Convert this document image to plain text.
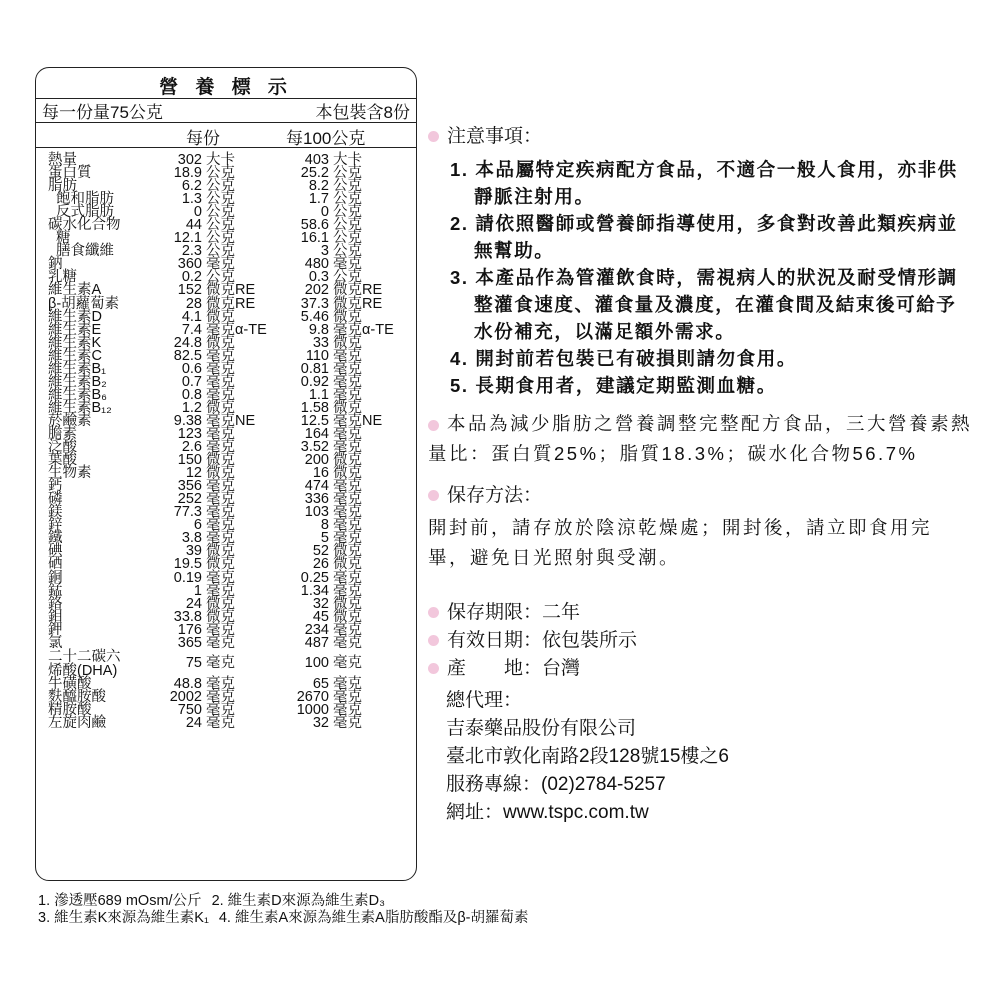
營 養 標 示
每一份量75公克	本包裝含8份
每份	每100公克
熱量	302 大卡	403 大卡
蛋白質	18.9 公克	25.2 公克
脂肪	6.2 公克	8.2 公克
飽和脂肪	1.3 公克	1.7 公克
反式脂肪	0 公克	0 公克
碳水化合物	44 公克	58.6 公克
糖	12.1 公克	16.1 公克
膳食纖維	2.3 公克	3 公克
鈉	360 毫克	480 毫克
乳糖	0.2 公克	0.3 公克
維生素A	152 微克RE	202 微克RE
β-胡蘿蔔素	28 微克RE	37.3 微克RE
維生素D	4.1 微克	5.46 微克
維生素E	7.4 毫克α-TE	9.8 毫克α-TE
維生素K	24.8 微克	33 微克
維生素C	82.5 毫克	110 毫克
維生素B₁	0.6 毫克	0.81 毫克
維生素B₂	0.7 毫克	0.92 毫克
維生素B₆	0.8 毫克	1.1 毫克
維生素B₁₂	1.2 微克	1.58 微克
菸鹼素	9.38 毫克NE	12.5 毫克NE
膽素	123 毫克	164 毫克
泛酸	2.6 毫克	3.52 毫克
葉酸	150 微克	200 微克
生物素	12 微克	16 微克
鈣	356 毫克	474 毫克
磷	252 毫克	336 毫克
鎂	77.3 毫克	103 毫克
鋅	6 毫克	8 毫克
鐵	3.8 毫克	5 毫克
碘	39 微克	52 微克
硒	19.5 微克	26 微克
銅	0.19 毫克	0.25 毫克
錳	1 毫克	1.34 毫克
鉻	24 微克	32 微克
鉬	33.8 微克	45 微克
鉀	176 毫克	234 毫克
氯	365 毫克	487 毫克
二十二碳六
烯酸(DHA)	75 毫克	100 毫克
牛磺酸	48.8 毫克	65 毫克
麩醯胺酸	2002 毫克	2670 毫克
精胺酸	750 毫克	1000 毫克
左旋肉鹼	24 毫克	32 毫克
注意事項：
1. 本品屬特定疾病配方食品，不適合一般人食用，亦非供靜脈注射用。
2. 請依照醫師或營養師指導使用，多食對改善此類疾病並無幫助。
3. 本產品作為管灌飲食時，需視病人的狀況及耐受情形調整灌食速度、灌食量及濃度，在灌食間及結束後可給予水份補充，以滿足額外需求。
4. 開封前若包裝已有破損則請勿食用。
5. 長期食用者，建議定期監測血糖。
本品為減少脂肪之營養調整完整配方食品，三大營養素熱量比：蛋白質25%；脂質18.3%；碳水化合物56.7%
保存方法：
開封前，請存放於陰涼乾燥處；開封後，請立即食用完畢，避免日光照射與受潮。
保存期限：二年
有效日期：依包裝所示
產　　地：台灣
總代理：
吉泰藥品股份有限公司
臺北市敦化南路2段128號15樓之6
服務專線：(02)2784-5257
網址：www.tspc.com.tw
1. 滲透壓689 mOsm/公斤 2. 維生素D來源為維生素D₃
3. 維生素K來源為維生素K₁ 4. 維生素A來源為維生素A脂肪酸酯及β-胡羅蔔素
